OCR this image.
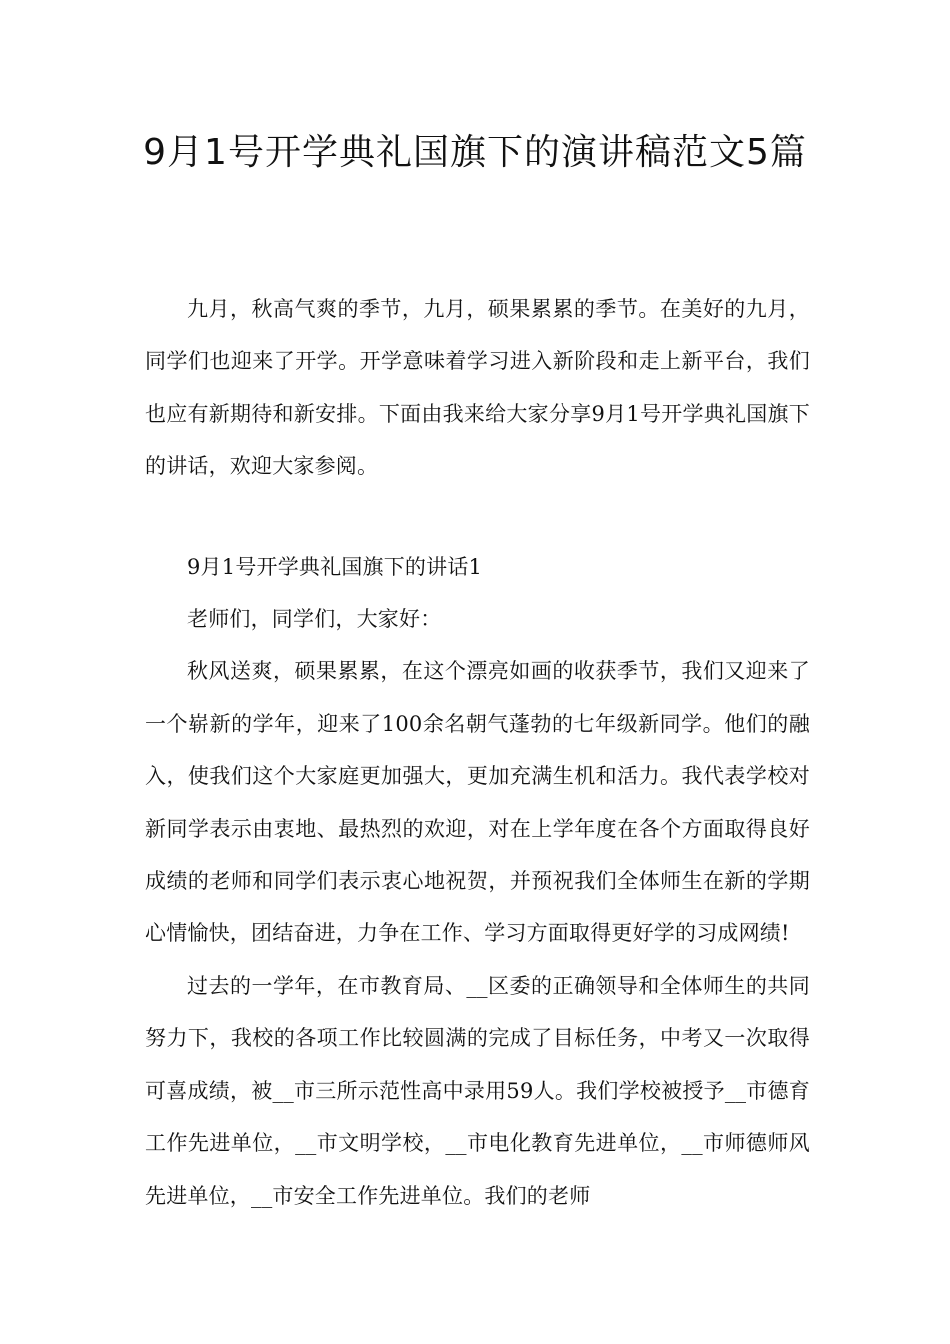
9月1号开学典礼国旗下的演讲稿范文5篇

九月，秋高气爽的季节，九月，硕果累累的季节。在美好的九月，同学们也迎来了开学。开学意味着学习进入新阶段和走上新平台，我们也应有新期待和新安排。下面由我来给大家分享9月1号开学典礼国旗下的讲话，欢迎大家参阅。

9月1号开学典礼国旗下的讲话1

老师们，同学们，大家好：

秋风送爽，硕果累累，在这个漂亮如画的收获季节，我们又迎来了一个崭新的学年，迎来了100余名朝气蓬勃的七年级新同学。他们的融入，使我们这个大家庭更加强大，更加充满生机和活力。我代表学校对新同学表示由衷地、最热烈的欢迎，对在上学年度在各个方面取得良好成绩的老师和同学们表示衷心地祝贺，并预祝我们全体师生在新的学期心情愉快，团结奋进，力争在工作、学习方面取得更好学的习成网绩!

过去的一学年，在市教育局、__区委的正确领导和全体师生的共同努力下，我校的各项工作比较圆满的完成了目标任务，中考又一次取得可喜成绩，被__市三所示范性高中录用59人。我们学校被授予__市德育工作先进单位，__市文明学校，__市电化教育先进单位，__市师德师风先进单位，__市安全工作先进单位。我们的老师
